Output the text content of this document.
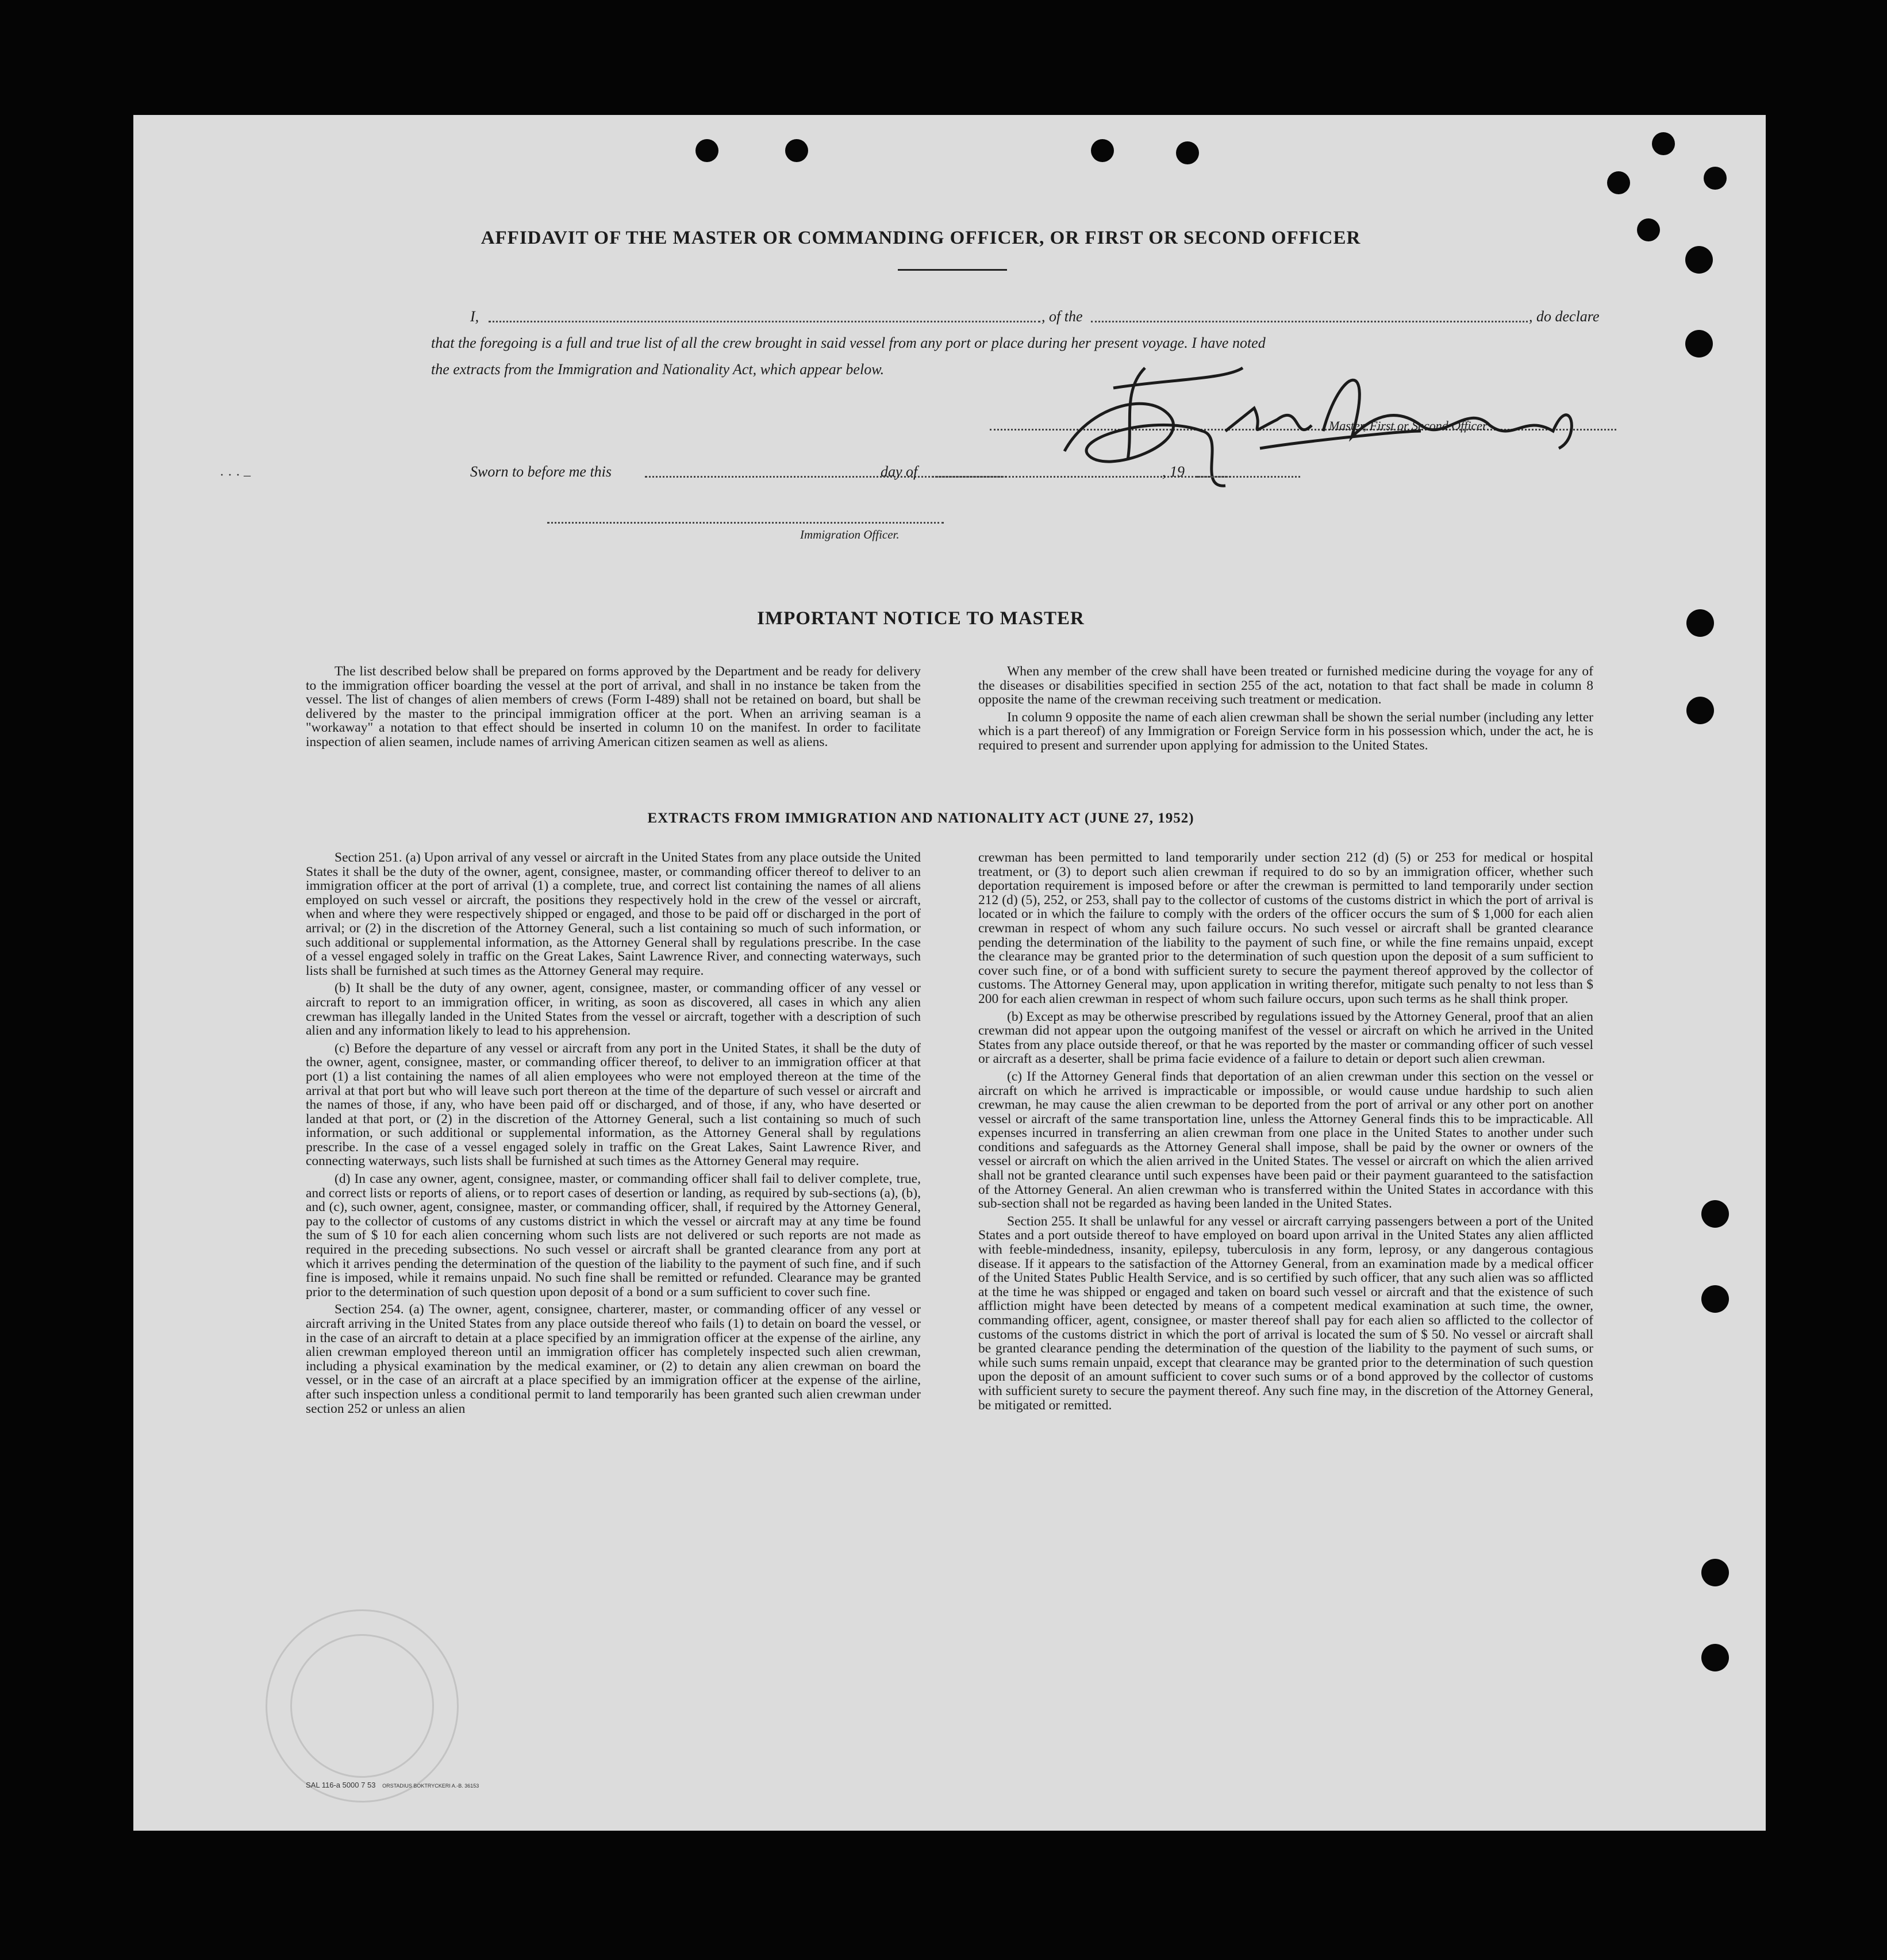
AFFIDAVIT OF THE MASTER OR COMMANDING OFFICER, OR FIRST OR SECOND OFFICER
I,	, of the	, do declare
that the foregoing is a full and true list of all the crew brought in said vessel from any port or place during her present voyage. I have noted
the extracts from the Immigration and Nationality Act, which appear below.
Master, First or Second Officer
· · · –	Sworn to before me this	day of	, 19
Immigration Officer.
IMPORTANT NOTICE TO MASTER

The list described below shall be prepared on forms approved by the Department and be ready for delivery to the immigration officer boarding the vessel at the port of arrival, and shall in no instance be taken from the vessel. The list of changes of alien members of crews (Form I-489) shall not be retained on board, but shall be delivered by the master to the principal immigration officer at the port. When an arriving seaman is a "workaway" a notation to that effect should be inserted in column 10 on the manifest. In order to facilitate inspection of alien seamen, include names of arriving American citizen seamen as well as aliens.

When any member of the crew shall have been treated or furnished medicine during the voyage for any of the diseases or disabilities specified in section 255 of the act, notation to that fact shall be made in column 8 opposite the name of the crewman receiving such treatment or medication.

In column 9 opposite the name of each alien crewman shall be shown the serial number (including any letter which is a part thereof) of any Immigration or Foreign Service form in his possession which, under the act, he is required to present and surrender upon applying for admission to the United States.

EXTRACTS FROM IMMIGRATION AND NATIONALITY ACT (JUNE 27, 1952)

Section 251. (a) Upon arrival of any vessel or aircraft in the United States from any place outside the United States it shall be the duty of the owner, agent, consignee, master, or commanding officer thereof to deliver to an immigration officer at the port of arrival (1) a complete, true, and correct list containing the names of all aliens employed on such vessel or aircraft, the positions they respectively hold in the crew of the vessel or aircraft, when and where they were respectively shipped or engaged, and those to be paid off or discharged in the port of arrival; or (2) in the discretion of the Attorney General, such a list containing so much of such information, or such additional or supplemental information, as the Attorney General shall by regulations prescribe. In the case of a vessel engaged solely in traffic on the Great Lakes, Saint Lawrence River, and connecting waterways, such lists shall be furnished at such times as the Attorney General may require.

(b) It shall be the duty of any owner, agent, consignee, master, or commanding officer of any vessel or aircraft to report to an immigration officer, in writing, as soon as discovered, all cases in which any alien crewman has illegally landed in the United States from the vessel or aircraft, together with a description of such alien and any information likely to lead to his apprehension.

(c) Before the departure of any vessel or aircraft from any port in the United States, it shall be the duty of the owner, agent, consignee, master, or commanding officer thereof, to deliver to an immigration officer at that port (1) a list containing the names of all alien employees who were not employed thereon at the time of the arrival at that port but who will leave such port thereon at the time of the departure of such vessel or aircraft and the names of those, if any, who have been paid off or discharged, and of those, if any, who have deserted or landed at that port, or (2) in the discretion of the Attorney General, such a list containing so much of such information, or such additional or supplemental information, as the Attorney General shall by regulations prescribe. In the case of a vessel engaged solely in traffic on the Great Lakes, Saint Lawrence River, and connecting waterways, such lists shall be furnished at such times as the Attorney General may require.

(d) In case any owner, agent, consignee, master, or commanding officer shall fail to deliver complete, true, and correct lists or reports of aliens, or to report cases of desertion or landing, as required by sub-sections (a), (b), and (c), such owner, agent, consignee, master, or commanding officer, shall, if required by the Attorney General, pay to the collector of customs of any customs district in which the vessel or aircraft may at any time be found the sum of $ 10 for each alien concerning whom such lists are not delivered or such reports are not made as required in the preceding subsections. No such vessel or aircraft shall be granted clearance from any port at which it arrives pending the determination of the question of the liability to the payment of such fine, and if such fine is imposed, while it remains unpaid. No such fine shall be remitted or refunded. Clearance may be granted prior to the determination of such question upon deposit of a bond or a sum sufficient to cover such fine.

Section 254. (a) The owner, agent, consignee, charterer, master, or commanding officer of any vessel or aircraft arriving in the United States from any place outside thereof who fails (1) to detain on board the vessel, or in the case of an aircraft to detain at a place specified by an immigration officer at the expense of the airline, any alien crewman employed thereon until an immigration officer has completely inspected such alien crewman, including a physical examination by the medical examiner, or (2) to detain any alien crewman on board the vessel, or in the case of an aircraft at a place specified by an immigration officer at the expense of the airline, after such inspection unless a conditional permit to land temporarily has been granted such alien crewman under section 252 or unless an alien

crewman has been permitted to land temporarily under section 212 (d) (5) or 253 for medical or hospital treatment, or (3) to deport such alien crewman if required to do so by an immigration officer, whether such deportation requirement is imposed before or after the crewman is permitted to land temporarily under section 212 (d) (5), 252, or 253, shall pay to the collector of customs of the customs district in which the port of arrival is located or in which the failure to comply with the orders of the officer occurs the sum of $ 1,000 for each alien crewman in respect of whom any such failure occurs. No such vessel or aircraft shall be granted clearance pending the determination of the liability to the payment of such fine, or while the fine remains unpaid, except the clearance may be granted prior to the determination of such question upon the deposit of a sum sufficient to cover such fine, or of a bond with sufficient surety to secure the payment thereof approved by the collector of customs. The Attorney General may, upon application in writing therefor, mitigate such penalty to not less than $ 200 for each alien crewman in respect of whom such failure occurs, upon such terms as he shall think proper.

(b) Except as may be otherwise prescribed by regulations issued by the Attorney General, proof that an alien crewman did not appear upon the outgoing manifest of the vessel or aircraft on which he arrived in the United States from any place outside thereof, or that he was reported by the master or commanding officer of such vessel or aircraft as a deserter, shall be prima facie evidence of a failure to detain or deport such alien crewman.

(c) If the Attorney General finds that deportation of an alien crewman under this section on the vessel or aircraft on which he arrived is impracticable or impossible, or would cause undue hardship to such alien crewman, he may cause the alien crewman to be deported from the port of arrival or any other port on another vessel or aircraft of the same transportation line, unless the Attorney General finds this to be impracticable. All expenses incurred in transferring an alien crewman from one place in the United States to another under such conditions and safeguards as the Attorney General shall impose, shall be paid by the owner or owners of the vessel or aircraft on which the alien arrived in the United States. The vessel or aircraft on which the alien arrived shall not be granted clearance until such expenses have been paid or their payment guaranteed to the satisfaction of the Attorney General. An alien crewman who is transferred within the United States in accordance with this sub-section shall not be regarded as having been landed in the United States.

Section 255. It shall be unlawful for any vessel or aircraft carrying passengers between a port of the United States and a port outside thereof to have employed on board upon arrival in the United States any alien afflicted with feeble-mindedness, insanity, epilepsy, tuberculosis in any form, leprosy, or any dangerous contagious disease. If it appears to the satisfaction of the Attorney General, from an examination made by a medical officer of the United States Public Health Service, and is so certified by such officer, that any such alien was so afflicted at the time he was shipped or engaged and taken on board such vessel or aircraft and that the existence of such affliction might have been detected by means of a competent medical examination at such time, the owner, commanding officer, agent, consignee, or master thereof shall pay for each alien so afflicted to the collector of customs of the customs district in which the port of arrival is located the sum of $ 50. No vessel or aircraft shall be granted clearance pending the determination of the question of the liability to the payment of such sums, or while such sums remain unpaid, except that clearance may be granted prior to the determination of such question upon the deposit of an amount sufficient to cover such sums or of a bond approved by the collector of customs with sufficient surety to secure the payment thereof. Any such fine may, in the discretion of the Attorney General, be mitigated or remitted.

SAL 116-a 5000 7 53 ORSTADIUS BOKTRYCKERI A.-B. 36153
